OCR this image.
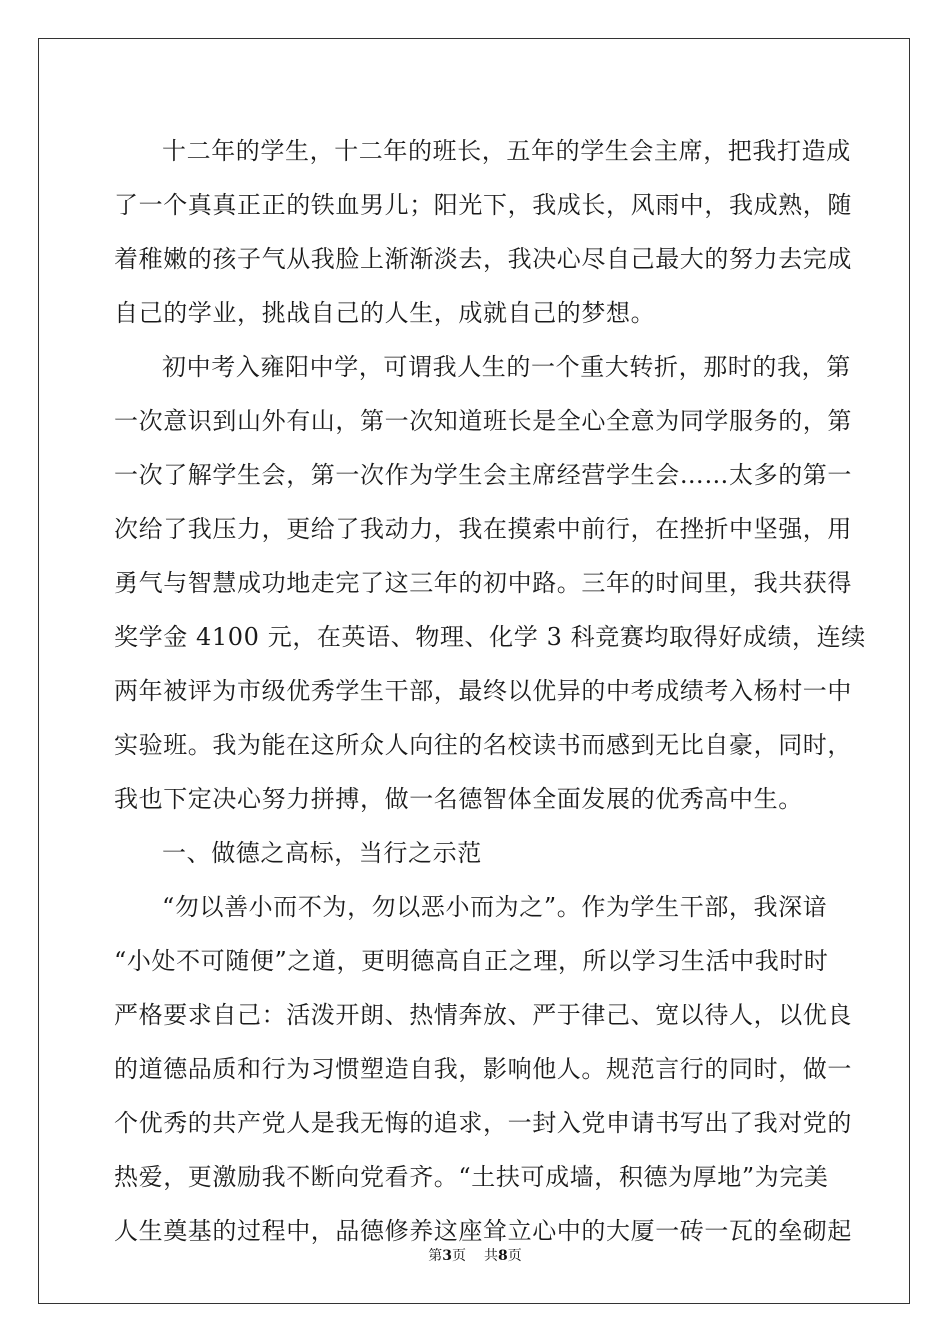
十二年的学生，十二年的班长，五年的学生会主席，把我打造成
了一个真真正正的铁血男儿；阳光下，我成长，风雨中，我成熟，随
着稚嫩的孩子气从我脸上渐渐淡去，我决心尽自己最大的努力去完成
自己的学业，挑战自己的人生，成就自己的梦想。
初中考入雍阳中学，可谓我人生的一个重大转折，那时的我，第
一次意识到山外有山，第一次知道班长是全心全意为同学服务的，第
一次了解学生会，第一次作为学生会主席经营学生会……太多的第一
次给了我压力，更给了我动力，我在摸索中前行，在挫折中坚强，用
勇气与智慧成功地走完了这三年的初中路。三年的时间里，我共获得
奖学金 4100 元，在英语、物理、化学 3 科竞赛均取得好成绩，连续
两年被评为市级优秀学生干部，最终以优异的中考成绩考入杨村一中
实验班。我为能在这所众人向往的名校读书而感到无比自豪，同时，
我也下定决心努力拼搏，做一名德智体全面发展的优秀高中生。
一、做德之高标，当行之示范
“勿以善小而不为，勿以恶小而为之”。作为学生干部，我深谙
“小处不可随便”之道，更明德高自正之理，所以学习生活中我时时
严格要求自己：活泼开朗、热情奔放、严于律己、宽以待人，以优良
的道德品质和行为习惯塑造自我，影响他人。规范言行的同时，做一
个优秀的共产党人是我无悔的追求，一封入党申请书写出了我对党的
热爱，更激励我不断向党看齐。“土扶可成墙，积德为厚地”为完美
人生奠基的过程中，品德修养这座耸立心中的大厦一砖一瓦的垒砌起
第3页 共8页
